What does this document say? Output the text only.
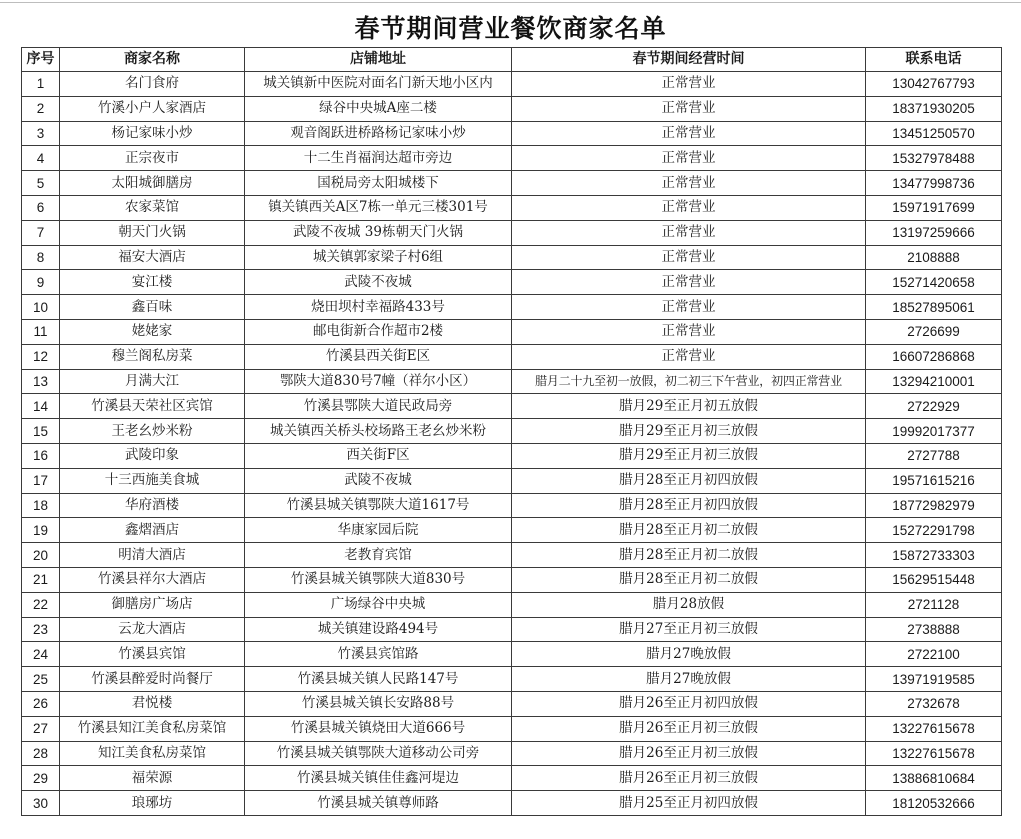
春节期间营业餐饮商家名单
序号	商家名称	店铺地址	春节期间经营时间	联系电话
1	名门食府	城关镇新中医院对面名门新天地小区内	正常营业	13042767793
2	竹溪小户人家酒店	绿谷中央城A座二楼	正常营业	18371930205
3	杨记家味小炒	观音阁跃进桥路杨记家味小炒	正常营业	13451250570
4	正宗夜市	十二生肖福润达超市旁边	正常营业	15327978488
5	太阳城御膳房	国税局旁太阳城楼下	正常营业	13477998736
6	农家菜馆	镇关镇西关A区7栋一单元三楼301号	正常营业	15971917699
7	朝天门火锅	武陵不夜城 39栋朝天门火锅	正常营业	13197259666
8	福安大酒店	城关镇郭家梁子村6组	正常营业	2108888
9	宴江楼	武陵不夜城	正常营业	15271420658
10	鑫百味	烧田坝村幸福路433号	正常营业	18527895061
11	姥姥家	邮电街新合作超市2楼	正常营业	2726699
12	穆兰阁私房菜	竹溪县西关街E区	正常营业	16607286868
13	月满大江	鄂陕大道830号7幢（祥尔小区）	腊月二十九至初一放假，初二初三下午营业，初四正常营业	13294210001
14	竹溪县天荣社区宾馆	竹溪县鄂陕大道民政局旁	腊月29至正月初五放假	2722929
15	王老幺炒米粉	城关镇西关桥头校场路王老幺炒米粉	腊月29至正月初三放假	19992017377
16	武陵印象	西关街F区	腊月29至正月初三放假	2727788
17	十三西施美食城	武陵不夜城	腊月28至正月初四放假	19571615216
18	华府酒楼	竹溪县城关镇鄂陕大道1617号	腊月28至正月初四放假	18772982979
19	鑫熠酒店	华康家园后院	腊月28至正月初二放假	15272291798
20	明清大酒店	老教育宾馆	腊月28至正月初二放假	15872733303
21	竹溪县祥尔大酒店	竹溪县城关镇鄂陕大道830号	腊月28至正月初二放假	15629515448
22	御膳房广场店	广场绿谷中央城	腊月28放假	2721128
23	云龙大酒店	城关镇建设路494号	腊月27至正月初三放假	2738888
24	竹溪县宾馆	竹溪县宾馆路	腊月27晚放假	2722100
25	竹溪县醉爱时尚餐厅	竹溪县城关镇人民路147号	腊月27晚放假	13971919585
26	君悦楼	竹溪县城关镇长安路88号	腊月26至正月初四放假	2732678
27	竹溪县知江美食私房菜馆	竹溪县城关镇烧田大道666号	腊月26至正月初三放假	13227615678
28	知江美食私房菜馆	竹溪县城关镇鄂陕大道移动公司旁	腊月26至正月初三放假	13227615678
29	福荣源	竹溪县城关镇佳佳鑫河堤边	腊月26至正月初三放假	13886810684
30	琅琊坊	竹溪县城关镇尊师路	腊月25至正月初四放假	18120532666
